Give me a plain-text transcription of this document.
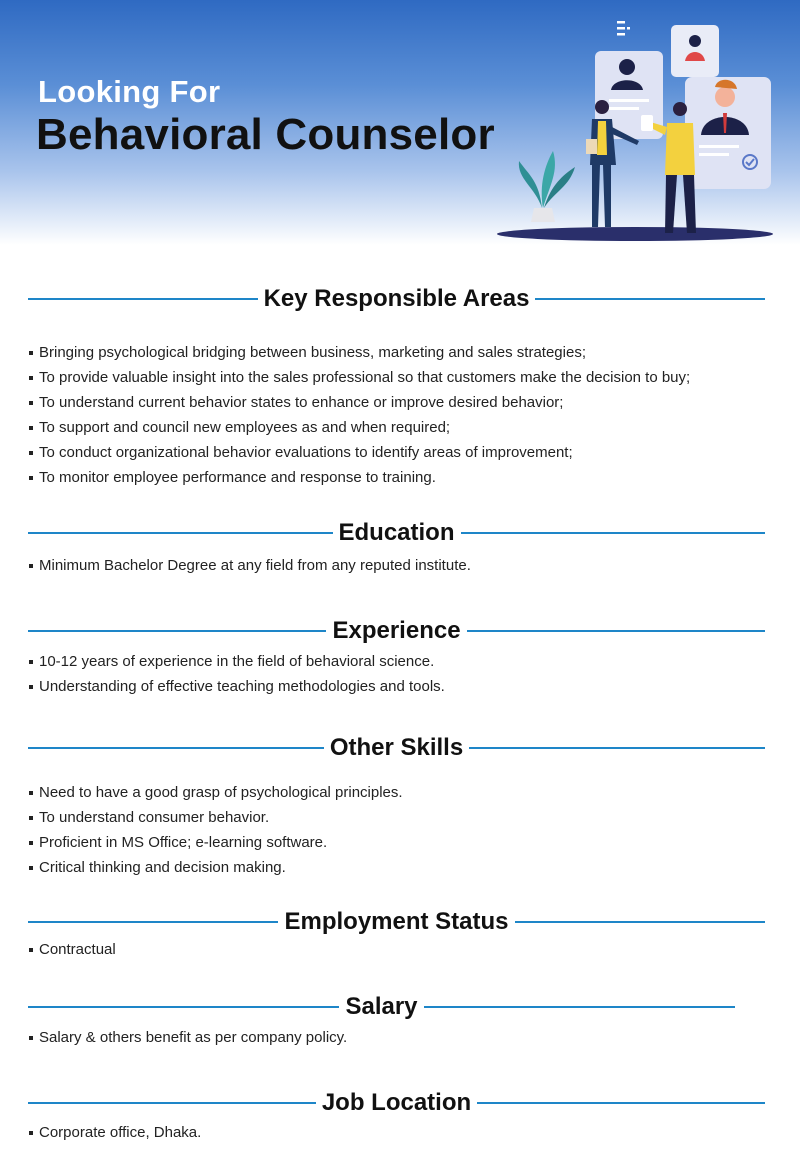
Looking For
Behavioral Counselor
Key Responsible Areas
Bringing psychological bridging between business, marketing and sales strategies;
To provide valuable insight into the sales professional so that customers make the decision to buy;
To understand current behavior states to enhance or improve desired behavior;
To support and council new employees as and when required;
To conduct organizational behavior evaluations to identify areas of improvement;
To monitor employee performance and response to training.
Education
Minimum Bachelor Degree at any field from any reputed institute.
Experience
10-12 years of experience in the field of behavioral science.
Understanding of effective teaching methodologies and tools.
Other Skills
Need to have a good grasp of psychological principles.
To understand consumer behavior.
Proficient in MS Office; e-learning software.
Critical thinking and decision making.
Employment Status
Contractual
Salary
Salary & others benefit as per company policy.
Job Location
Corporate office, Dhaka.
